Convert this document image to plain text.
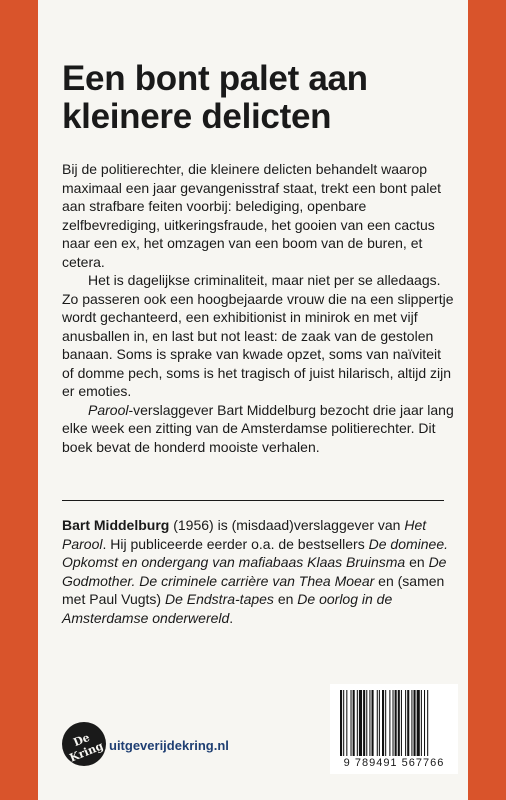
Een bont palet aan kleinere delicten

Bij de politierechter, die kleinere delicten behandelt waarop maximaal een jaar gevangenisstraf staat, trekt een bont palet aan strafbare feiten voorbij: belediging, openbare zelfbevrediging, uitkeringsfraude, het gooien van een cactus naar een ex, het omzagen van een boom van de buren, et cetera.

Het is dagelijkse criminaliteit, maar niet per se alledaags. Zo passeren ook een hoogbejaarde vrouw die na een slippertje wordt gechanteerd, een exhibitionist in minirok en met vijf anusballen in, en last but not least: de zaak van de gestolen banaan. Soms is sprake van kwade opzet, soms van naïviteit of domme pech, soms is het tragisch of juist hilarisch, altijd zijn er emoties.

Parool-verslaggever Bart Middelburg bezocht drie jaar lang elke week een zitting van de Amsterdamse politierechter. Dit boek bevat de honderd mooiste verhalen.

Bart Middelburg (1956) is (misdaad)verslaggever van Het Parool. Hij publiceerde eerder o.a. de bestsellers De dominee. Opkomst en ondergang van mafiabaas Klaas Bruinsma en De Godmother. De criminele carrière van Thea Moear en (samen met Paul Vugts) De Endstra-tapes en De oorlog in de Amsterdamse onderwereld.
De Kring uitgeverijdekring.nl
9 789491 567766
